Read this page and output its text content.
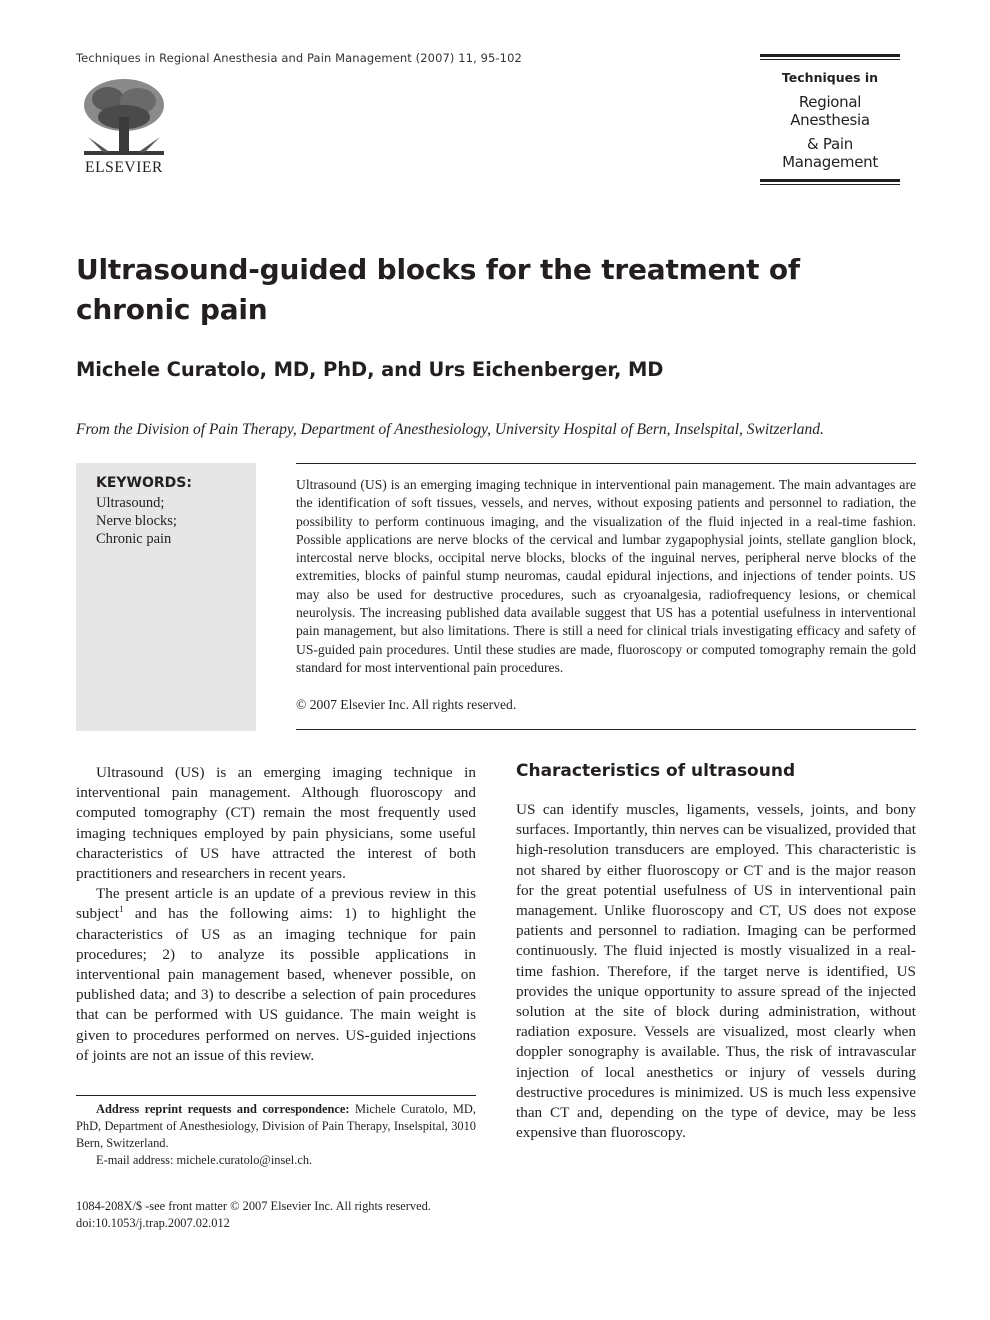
Techniques in Regional Anesthesia and Pain Management (2007) 11, 95-102
ELSEVIER
Techniques in
Regional Anesthesia
& Pain Management
Ultrasound-guided blocks for the treatment of
chronic pain
Michele Curatolo, MD, PhD, and Urs Eichenberger, MD
From the Division of Pain Therapy, Department of Anesthesiology, University Hospital of Bern, Inselspital, Switzerland.
KEYWORDS:
Ultrasound;
Nerve blocks;
Chronic pain
Ultrasound (US) is an emerging imaging technique in interventional pain management. The main advantages are the identification of soft tissues, vessels, and nerves, without exposing patients and personnel to radiation, the possibility to perform continuous imaging, and the visualization of the fluid injected in a real-time fashion. Possible applications are nerve blocks of the cervical and lumbar zygapophysial joints, stellate ganglion block, intercostal nerve blocks, occipital nerve blocks, blocks of the inguinal nerves, peripheral nerve blocks of the extremities, blocks of painful stump neuromas, caudal epidural injections, and injections of tender points. US may also be used for destructive procedures, such as cryoanalgesia, radiofrequency lesions, or chemical neurolysis. The increasing published data available suggest that US has a potential usefulness in interventional pain management, but also limitations. There is still a need for clinical trials investigating efficacy and safety of US-guided pain procedures. Until these studies are made, fluoroscopy or computed tomography remain the gold standard for most interventional pain procedures.
© 2007 Elsevier Inc. All rights reserved.

Ultrasound (US) is an emerging imaging technique in interventional pain management. Although fluoroscopy and computed tomography (CT) remain the most frequently used imaging techniques employed by pain physicians, some useful characteristics of US have attracted the interest of both practitioners and researchers in recent years.

The present article is an update of a previous review in this subject$^1$ and has the following aims: 1) to highlight the characteristics of US as an imaging technique for pain procedures; 2) to analyze its possible applications in interventional pain management based, whenever possible, on published data; and 3) to describe a selection of pain procedures that can be performed with US guidance. The main weight is given to procedures performed on nerves. US-guided injections of joints are not an issue of this review.

Characteristics of ultrasound

US can identify muscles, ligaments, vessels, joints, and bony surfaces. Importantly, thin nerves can be visualized, provided that high-resolution transducers are employed. This characteristic is not shared by either fluoroscopy or CT and is the major reason for the great potential usefulness of US in interventional pain management. Unlike fluoroscopy and CT, US does not expose patients and personnel to radiation. Imaging can be performed continuously. The fluid injected is mostly visualized in a real-time fashion. Therefore, if the target nerve is identified, US provides the unique opportunity to assure spread of the injected solution at the site of block during administration, without radiation exposure. Vessels are visualized, most clearly when doppler sonography is available. Thus, the risk of intravascular injection of local anesthetics or injury of vessels during destructive procedures is minimized. US is much less expensive than CT and, depending on the type of device, may be less expensive than fluoroscopy.

Address reprint requests and correspondence: Michele Curatolo, MD, PhD, Department of Anesthesiology, Division of Pain Therapy, Inselspital, 3010 Bern, Switzerland.

E-mail address: michele.curatolo@insel.ch.

1084-208X/$ -see front matter © 2007 Elsevier Inc. All rights reserved.
doi:10.1053/j.trap.2007.02.012
